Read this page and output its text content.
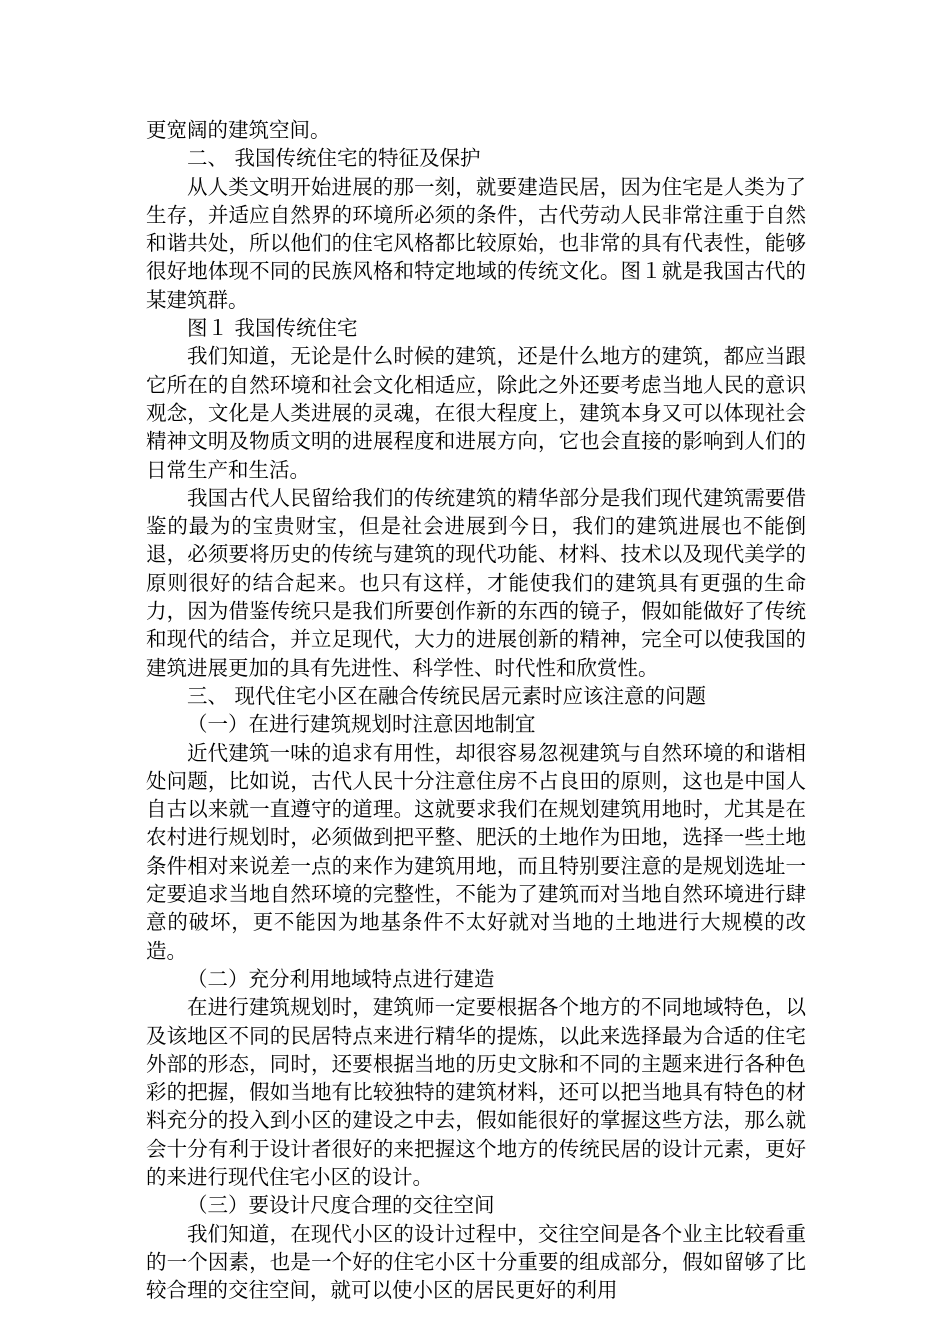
更宽阔的建筑空间。

二、 我国传统住宅的特征及保护

从人类文明开始进展的那一刻，就要建造民居，因为住宅是人类为了生存，并适应自然界的环境所必须的条件，古代劳动人民非常注重于自然和谐共处，所以他们的住宅风格都比较原始，也非常的具有代表性，能够很好地体现不同的民族风格和特定地域的传统文化。图１就是我国古代的某建筑群。

图１ 我国传统住宅

我们知道，无论是什么时候的建筑，还是什么地方的建筑，都应当跟它所在的自然环境和社会文化相适应，除此之外还要考虑当地人民的意识观念，文化是人类进展的灵魂，在很大程度上，建筑本身又可以体现社会精神文明及物质文明的进展程度和进展方向，它也会直接的影响到人们的日常生产和生活。

我国古代人民留给我们的传统建筑的精华部分是我们现代建筑需要借鉴的最为的宝贵财宝，但是社会进展到今日，我们的建筑进展也不能倒退，必须要将历史的传统与建筑的现代功能、材料、技术以及现代美学的原则很好的结合起来。也只有这样，才能使我们的建筑具有更强的生命力，因为借鉴传统只是我们所要创作新的东西的镜子，假如能做好了传统和现代的结合，并立足现代，大力的进展创新的精神，完全可以使我国的建筑进展更加的具有先进性、科学性、时代性和欣赏性。

三、 现代住宅小区在融合传统民居元素时应该注意的问题

（一）在进行建筑规划时注意因地制宜

近代建筑一味的追求有用性，却很容易忽视建筑与自然环境的和谐相处问题，比如说，古代人民十分注意住房不占良田的原则，这也是中国人自古以来就一直遵守的道理。这就要求我们在规划建筑用地时，尤其是在农村进行规划时，必须做到把平整、肥沃的土地作为田地，选择一些土地条件相对来说差一点的来作为建筑用地，而且特别要注意的是规划选址一定要追求当地自然环境的完整性，不能为了建筑而对当地自然环境进行肆意的破坏，更不能因为地基条件不太好就对当地的土地进行大规模的改造。

（二）充分利用地域特点进行建造

在进行建筑规划时，建筑师一定要根据各个地方的不同地域特色，以及该地区不同的民居特点来进行精华的提炼，以此来选择最为合适的住宅外部的形态，同时，还要根据当地的历史文脉和不同的主题来进行各种色彩的把握，假如当地有比较独特的建筑材料，还可以把当地具有特色的材料充分的投入到小区的建设之中去，假如能很好的掌握这些方法，那么就会十分有利于设计者很好的来把握这个地方的传统民居的设计元素，更好的来进行现代住宅小区的设计。

（三）要设计尺度合理的交往空间

我们知道，在现代小区的设计过程中，交往空间是各个业主比较看重的一个因素，也是一个好的住宅小区十分重要的组成部分，假如留够了比较合理的交往空间，就可以使小区的居民更好的利用
